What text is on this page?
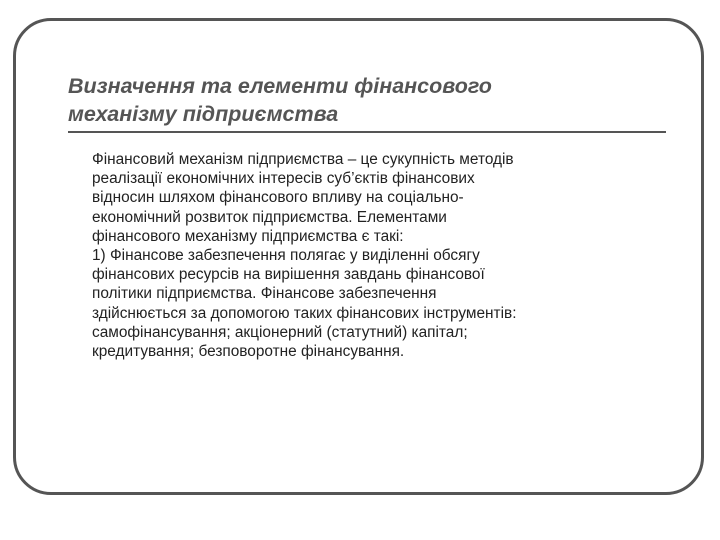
Визначення та елементи фінансового
механізму підприємства
Фінансовий механізм підприємства – це сукупність методів
реалізації економічних інтересів суб’єктів фінансових
відносин шляхом фінансового впливу на соціально-
економічний розвиток підприємства. Елементами
фінансового механізму підприємства є такі:
1) Фінансове забезпечення полягає у виділенні обсягу
фінансових ресурсів на вирішення завдань фінансової
політики підприємства. Фінансове забезпечення
здійснюється за допомогою таких фінансових інструментів:
самофінансування; акціонерний (статутний) капітал;
кредитування; безповоротне фінансування.
